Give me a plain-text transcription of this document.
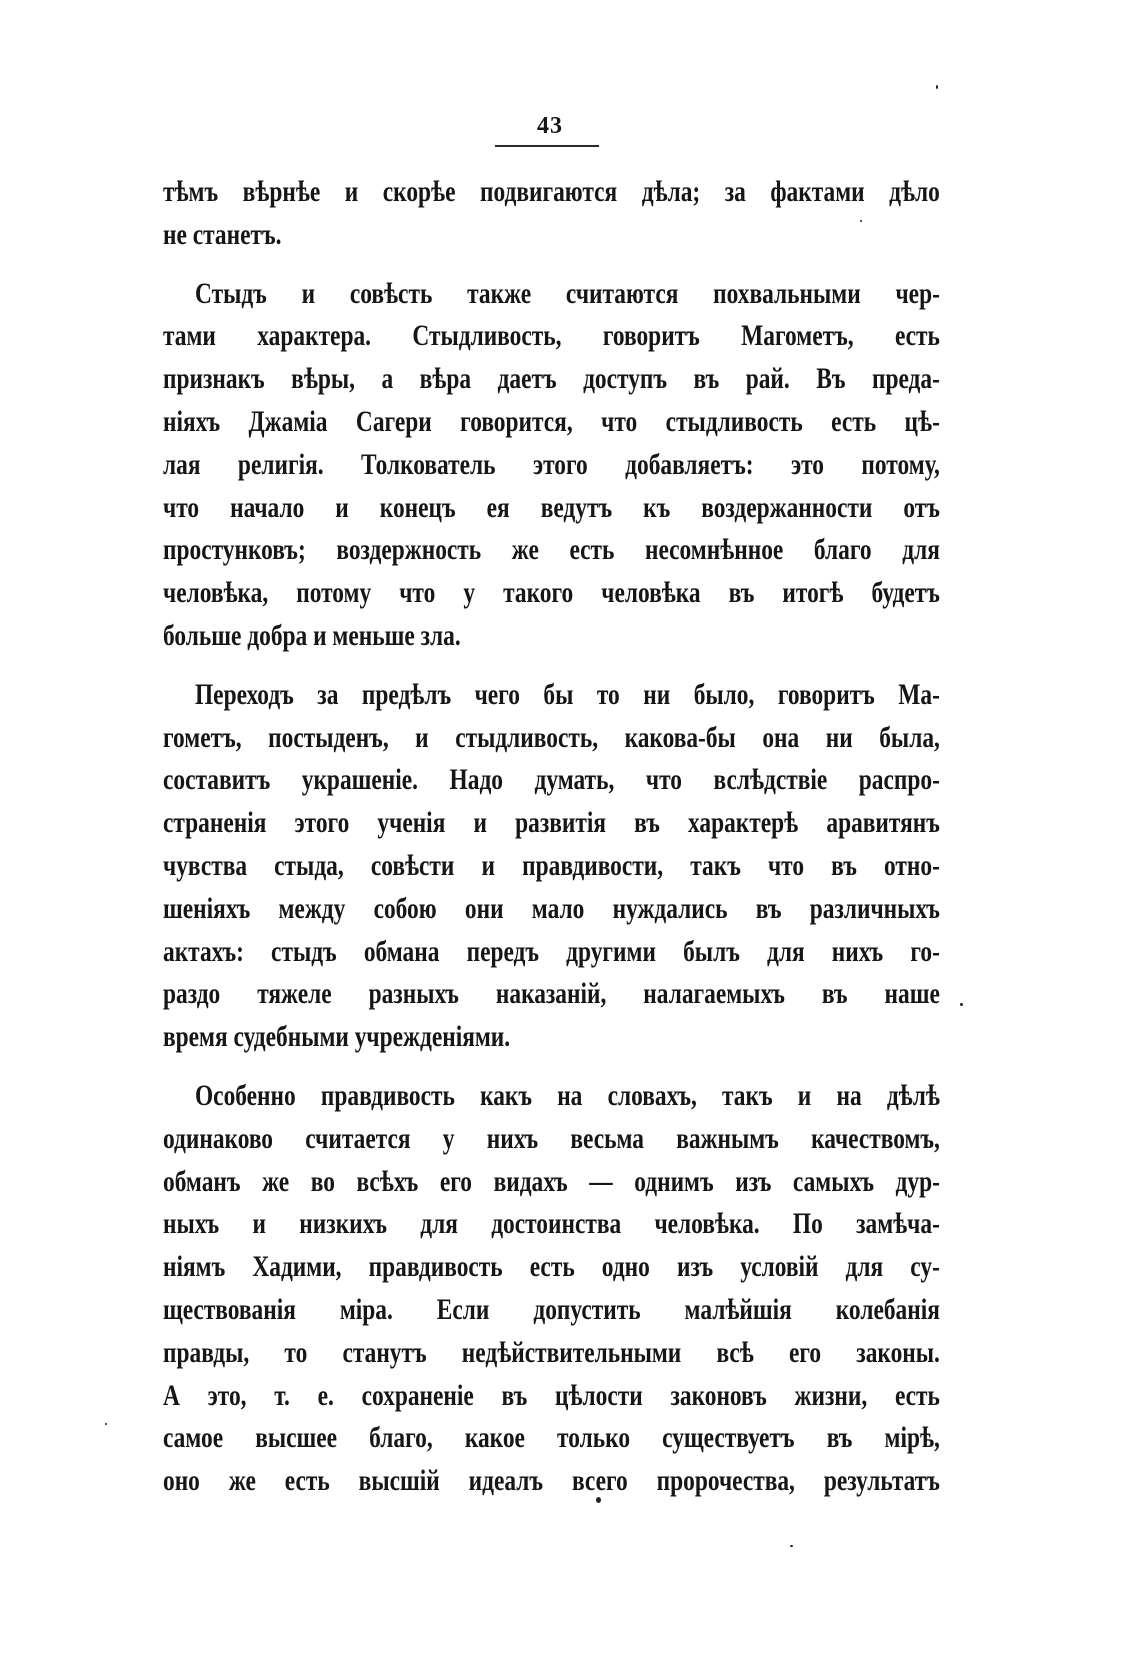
43
тѣмъ вѣрнѣе и скорѣе подвигаются дѣла; за фактами дѣло
не станетъ.
Стыдъ и совѣсть также считаются похвальными чер-
тами характера. Стыдливость, говоритъ Магометъ, есть
признакъ вѣры, а вѣра даетъ доступъ въ рай. Въ преда-
ніяхъ Джаміа Сагери говорится, что стыдливость есть цѣ-
лая религія. Толкователь этого добавляетъ: это потому,
что начало и конецъ ея ведутъ къ воздержанности отъ
простунковъ; воздержность же есть несомнѣнное благо для
человѣка, потому что у такого человѣка въ итогѣ будетъ
больше добра и меньше зла.
Переходъ за предѣлъ чего бы то ни было, говоритъ Ма-
гометъ, постыденъ, и стыдливость, какова-бы она ни была,
составитъ украшеніе. Надо думать, что вслѣдствіе распро-
страненія этого ученія и развитія въ характерѣ аравитянъ
чувства стыда, совѣсти и правдивости, такъ что въ отно-
шеніяхъ между собою они мало нуждались въ различныхъ
актахъ: стыдъ обмана передъ другими былъ для нихъ го-
раздо тяжеле разныхъ наказаній, налагаемыхъ въ наше
время судебными учрежденіями.
Особенно правдивость какъ на словахъ, такъ и на дѣлѣ
одинаково считается у нихъ весьма важнымъ качествомъ,
обманъ же во всѣхъ его видахъ — однимъ изъ самыхъ дур-
ныхъ и низкихъ для достоинства человѣка. По замѣча-
ніямъ Хадими, правдивость есть одно изъ условій для су-
ществованія міра. Если допустить малѣйшія колебанія
правды, то станутъ недѣйствительными всѣ его законы.
А это, т. е. сохраненіе въ цѣлости законовъ жизни, есть
самое высшее благо, какое только существуетъ въ мірѣ,
оно же есть высшій идеалъ всего пророчества, результатъ
